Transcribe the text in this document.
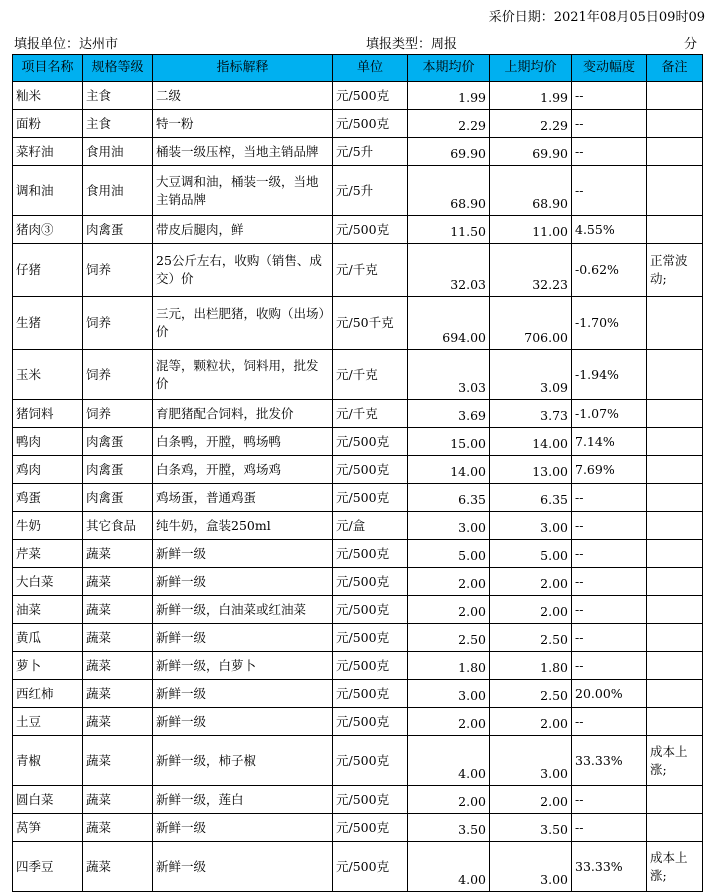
采价日期：2021年08月05日09时09
填报单位：达州市	填报类型：周报	分
项目名称	规格等级	指标解释	单位	本期均价	上期均价	变动幅度	备注
籼米	主食	二级	元/500克	1.99	1.99	--	
面粉	主食	特一粉	元/500克	2.29	2.29	--	
菜籽油	食用油	桶装一级压榨，当地主销品牌	元/5升	69.90	69.90	--	
调和油	食用油	大豆调和油，桶装一级，当地主销品牌	元/5升	68.90	68.90	--	
猪肉③	肉禽蛋	带皮后腿肉，鲜	元/500克	11.50	11.00	4.55%	
仔猪	饲养	25公斤左右，收购（销售、成交）价	元/千克	32.03	32.23	-0.62%	正常波动;
生猪	饲养	三元，出栏肥猪，收购（出场）价	元/50千克	694.00	706.00	-1.70%	
玉米	饲养	混等，颗粒状，饲料用，批发价	元/千克	3.03	3.09	-1.94%	
猪饲料	饲养	育肥猪配合饲料，批发价	元/千克	3.69	3.73	-1.07%	
鸭肉	肉禽蛋	白条鸭，开膛，鸭场鸭	元/500克	15.00	14.00	7.14%	
鸡肉	肉禽蛋	白条鸡，开膛，鸡场鸡	元/500克	14.00	13.00	7.69%	
鸡蛋	肉禽蛋	鸡场蛋，普通鸡蛋	元/500克	6.35	6.35	--	
牛奶	其它食品	纯牛奶，盒装250ml	元/盒	3.00	3.00	--	
芹菜	蔬菜	新鲜一级	元/500克	5.00	5.00	--	
大白菜	蔬菜	新鲜一级	元/500克	2.00	2.00	--	
油菜	蔬菜	新鲜一级，白油菜或红油菜	元/500克	2.00	2.00	--	
黄瓜	蔬菜	新鲜一级	元/500克	2.50	2.50	--	
萝卜	蔬菜	新鲜一级，白萝卜	元/500克	1.80	1.80	--	
西红柿	蔬菜	新鲜一级	元/500克	3.00	2.50	20.00%	
土豆	蔬菜	新鲜一级	元/500克	2.00	2.00	--	
青椒	蔬菜	新鲜一级，柿子椒	元/500克	4.00	3.00	33.33%	成本上涨;
圆白菜	蔬菜	新鲜一级，莲白	元/500克	2.00	2.00	--	
莴笋	蔬菜	新鲜一级	元/500克	3.50	3.50	--	
四季豆	蔬菜	新鲜一级	元/500克	4.00	3.00	33.33%	成本上涨;
